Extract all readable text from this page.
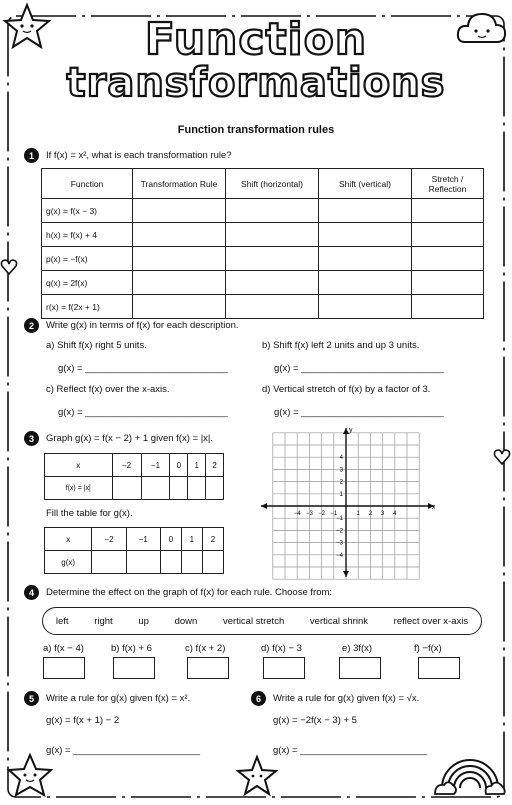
Function
transformations
Function transformation rules
1	If f(x) = x², what is each transformation rule?
Function	Transformation Rule	Shift (horizontal)	Shift (vertical)	Stretch / Reflection
g(x) = f(x − 3)				
h(x) = f(x) + 4				
p(x) = −f(x)				
q(x) = 2f(x)				
r(x) = f(2x + 1)				
2	Write g(x) in terms of f(x) for each description.
a) Shift f(x) right 5 units.	b) Shift f(x) left 2 units and up 3 units.
g(x) = ___________________________	g(x) = ___________________________
c) Reflect f(x) over the x-axis.	d) Vertical stretch of f(x) by a factor of 3.
g(x) = ___________________________	g(x) = ___________________________
3	Graph g(x) = f(x − 2) + 1 given f(x) = |x|.
x	−2	−1	0	1	2
f(x) = |x|					
Fill the table for g(x).
x	−2	−1	0	1	2
g(x)					
x
y
−4 −3 −2 −1	1 2 3 4
4
3
2
1
−1
−2
−3
−4
4	Determine the effect on the graph of f(x) for each rule. Choose from:
left	right	up	down	vertical stretch	vertical shrink	reflect over x-axis
a) f(x − 4)	b) f(x) + 6	c) f(x + 2)	d) f(x) − 3	e) 3f(x)	f) −f(x)
5	Write a rule for g(x) given f(x) = x².
g(x) = f(x + 1) − 2
g(x) = ________________________
6	Write a rule for g(x) given f(x) = √x.
g(x) = −2f(x − 3) + 5
g(x) = ________________________
